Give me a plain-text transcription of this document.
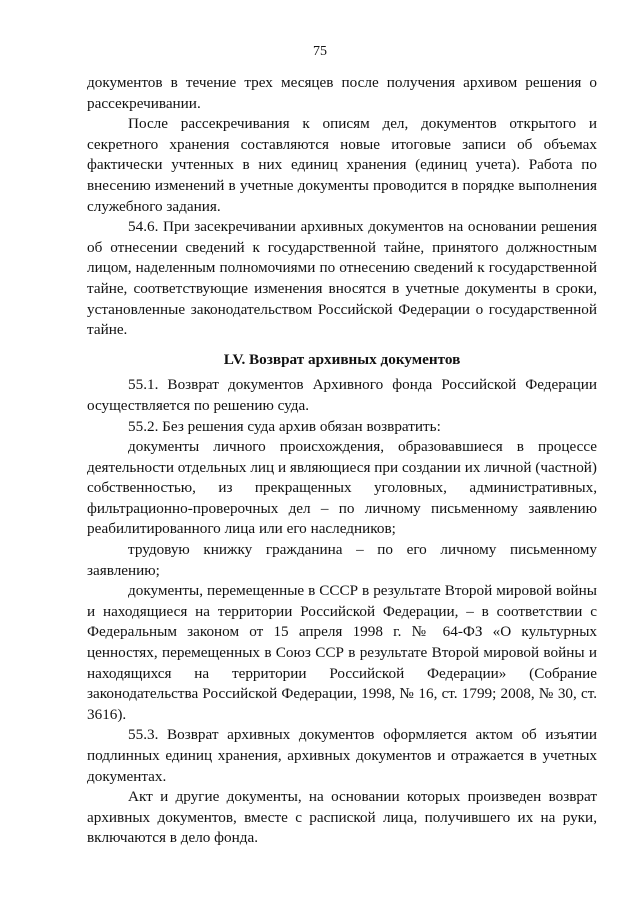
75

документов в течение трех месяцев после получения архивом решения о рассекречивании.

После рассекречивания к описям дел, документов открытого и секретного хранения составляются новые итоговые записи об объемах фактически учтенных в них единиц хранения (единиц учета). Работа по внесению изменений в учетные документы проводится в порядке выполнения служебного задания.

54.6. При засекречивании архивных документов на основании решения об отнесении сведений к государственной тайне, принятого должностным лицом, наделенным полномочиями по отнесению сведений к государственной тайне, соответствующие изменения вносятся в учетные документы в сроки, установленные законодательством Российской Федерации о государственной тайне.

LV. Возврат архивных документов

55.1. Возврат документов Архивного фонда Российской Федерации осуществляется по решению суда.

55.2. Без решения суда архив обязан возвратить:

документы личного происхождения, образовавшиеся в процессе деятельности отдельных лиц и являющиеся при создании их личной (частной) собственностью, из прекращенных уголовных, административных, фильтрационно-проверочных дел – по личному письменному заявлению реабилитированного лица или его наследников;

трудовую книжку гражданина – по его личному письменному заявлению;

документы, перемещенные в СССР в результате Второй мировой войны и находящиеся на территории Российской Федерации, – в соответствии с Федеральным законом от 15 апреля 1998 г. № 64-ФЗ «О культурных ценностях, перемещенных в Союз ССР в результате Второй мировой войны и находящихся на территории Российской Федерации» (Собрание законодательства Российской Федерации, 1998, № 16, ст. 1799; 2008, № 30, ст. 3616).

55.3. Возврат архивных документов оформляется актом об изъятии подлинных единиц хранения, архивных документов и отражается в учетных документах.

Акт и другие документы, на основании которых произведен возврат архивных документов, вместе с распиской лица, получившего их на руки, включаются в дело фонда.
